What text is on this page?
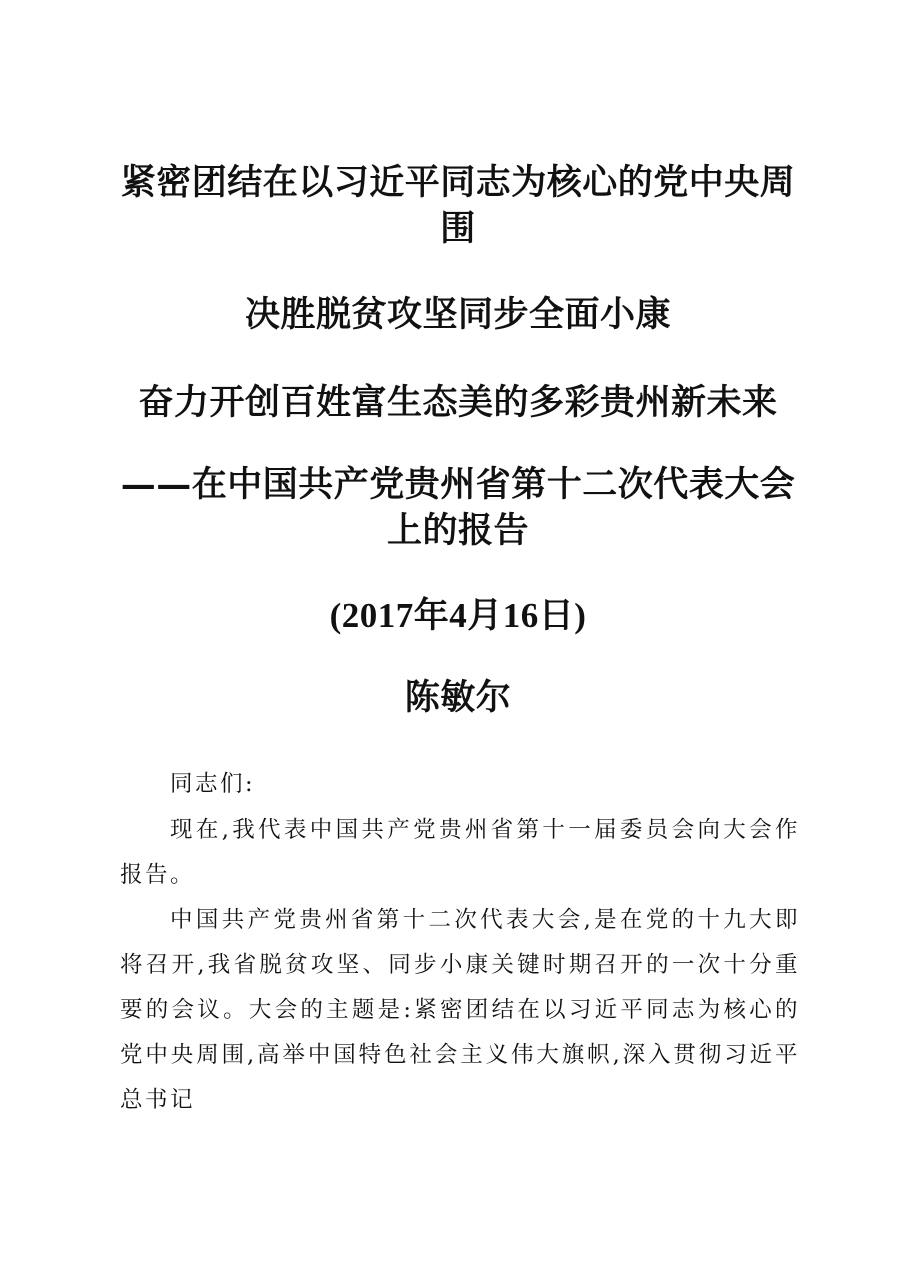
紧密团结在以习近平同志为核心的党中央周围
决胜脱贫攻坚同步全面小康
奋力开创百姓富生态美的多彩贵州新未来
——在中国共产党贵州省第十二次代表大会上的报告
(2017年4月16日)
陈敏尔
同志们:
现在,我代表中国共产党贵州省第十一届委员会向大会作报告。
中国共产党贵州省第十二次代表大会,是在党的十九大即将召开,我省脱贫攻坚、同步小康关键时期召开的一次十分重要的会议。大会的主题是:紧密团结在以习近平同志为核心的党中央周围,高举中国特色社会主义伟大旗帜,深入贯彻习近平总书记
